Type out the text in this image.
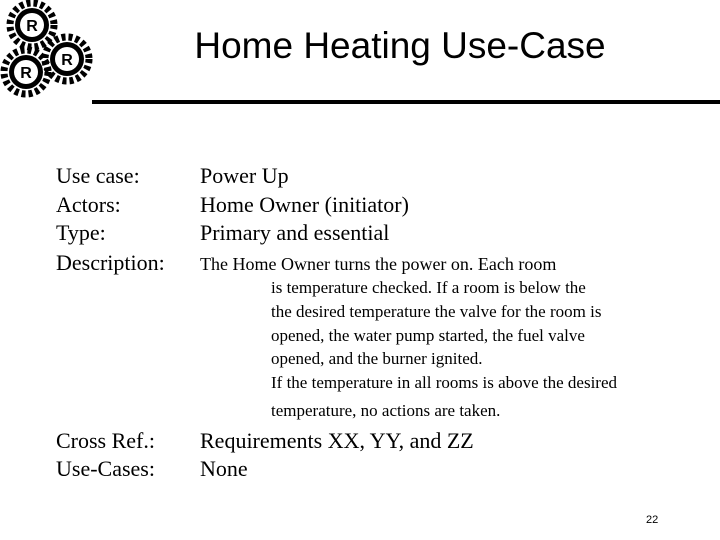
R
R
R	Home Heating Use-Case
Use case:	Power Up
Actors:	Home Owner (initiator)
Type:	Primary and essential
Description: The Home Owner turns the power on. Each room
is temperature checked. If a room is below the
the desired temperature the valve for the room is
opened, the water pump started, the fuel valve
opened, and the burner ignited.
If the temperature in all rooms is above the desired
temperature, no actions are taken.
Cross Ref.: Requirements XX, YY, and ZZ
Use-Cases: None
22
